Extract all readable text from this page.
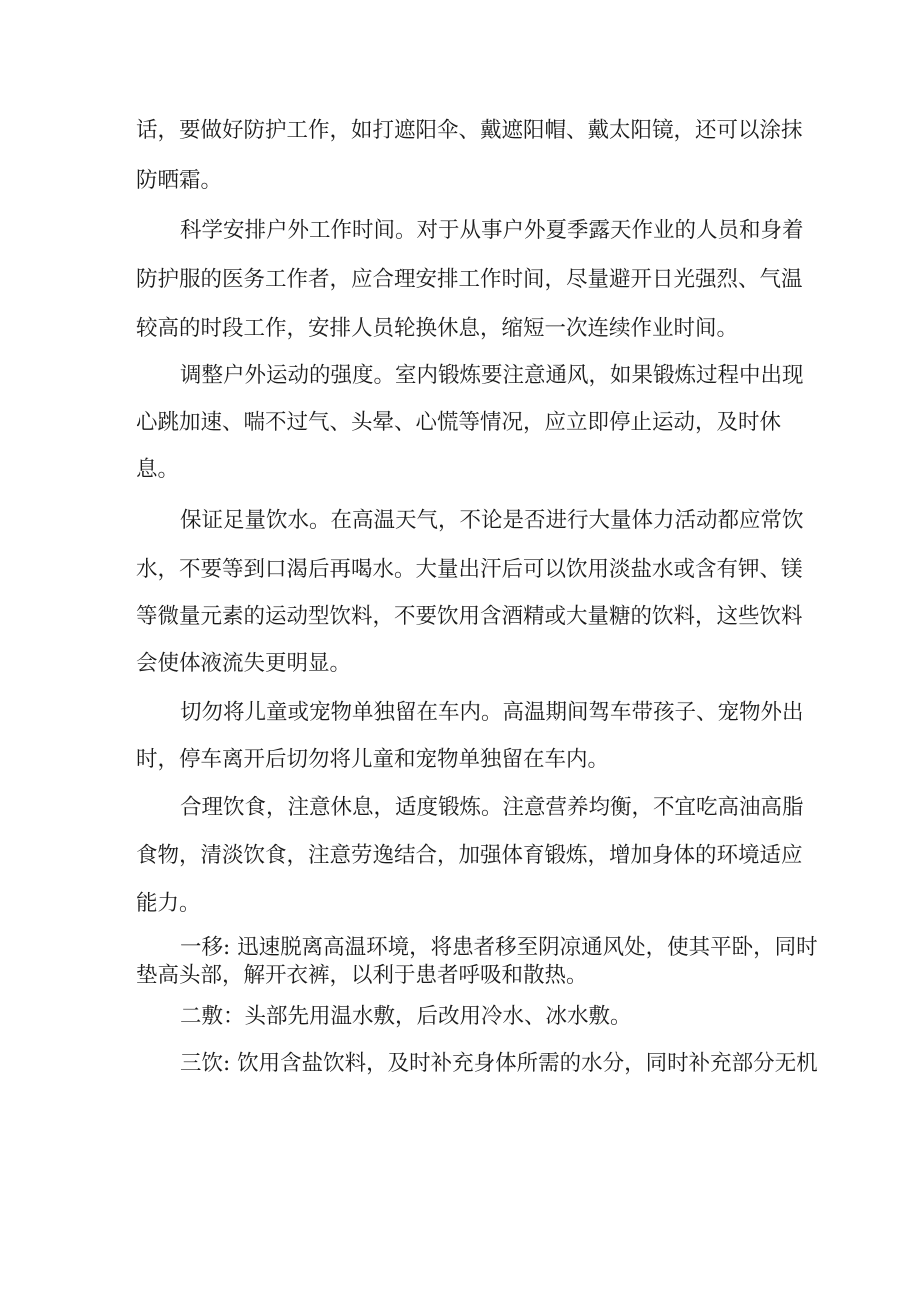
话，要做好防护工作，如打遮阳伞、戴遮阳帽、戴太阳镜，还可以涂抹
防晒霜。
科学安排户外工作时间。对于从事户外夏季露天作业的人员和身着
防护服的医务工作者，应合理安排工作时间，尽量避开日光强烈、气温
较高的时段工作，安排人员轮换休息，缩短一次连续作业时间。
调整户外运动的强度。室内锻炼要注意通风，如果锻炼过程中出现
心跳加速、喘不过气、头晕、心慌等情况，应立即停止运动，及时休
息。
保证足量饮水。在高温天气，不论是否进行大量体力活动都应常饮
水，不要等到口渴后再喝水。大量出汗后可以饮用淡盐水或含有钾、镁
等微量元素的运动型饮料，不要饮用含酒精或大量糖的饮料，这些饮料
会使体液流失更明显。
切勿将儿童或宠物单独留在车内。高温期间驾车带孩子、宠物外出
时，停车离开后切勿将儿童和宠物单独留在车内。
合理饮食，注意休息，适度锻炼。注意营养均衡，不宜吃高油高脂
食物，清淡饮食，注意劳逸结合，加强体育锻炼，增加身体的环境适应
能力。
一移: 迅速脱离高温环境，将患者移至阴凉通风处，使其平卧，同时
垫高头部，解开衣裤，以利于患者呼吸和散热。
二敷：头部先用温水敷，后改用冷水、冰水敷。
三饮: 饮用含盐饮料，及时补充身体所需的水分，同时补充部分无机
